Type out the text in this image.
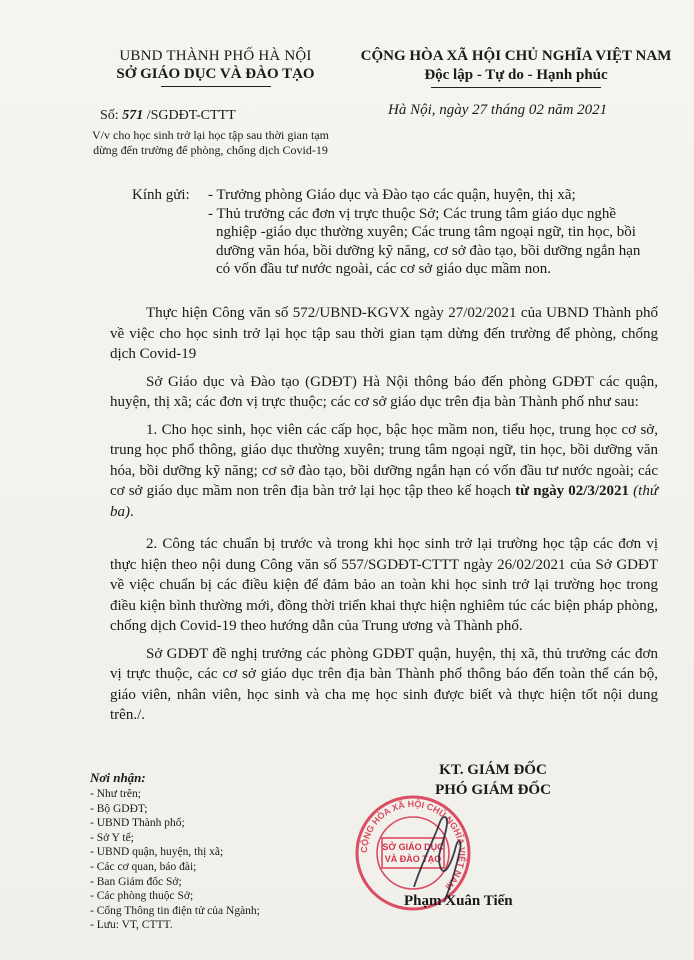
UBND THÀNH PHỐ HÀ NỘI
SỞ GIÁO DỤC VÀ ĐÀO TẠO
CỘNG HÒA XÃ HỘI CHỦ NGHĨA VIỆT NAM
Độc lập - Tự do - Hạnh phúc
Số: 571 /SGDĐT-CTTT	Hà Nội, ngày 27 tháng 02 năm 2021
V/v cho học sinh trở lại học tập sau thời gian tạm dừng đến trường để phòng, chống dịch Covid-19
Kính gửi: - Trưởng phòng Giáo dục và Đào tạo các quận, huyện, thị xã;

- Thủ trưởng các đơn vị trực thuộc Sở; Các trung tâm giáo dục nghề nghiệp -giáo dục thường xuyên; Các trung tâm ngoại ngữ, tin học, bồi dưỡng văn hóa, bồi dưỡng kỹ năng, cơ sở đào tạo, bồi dưỡng ngắn hạn có vốn đầu tư nước ngoài, các cơ sở giáo dục mầm non.

Thực hiện Công văn số 572/UBND-KGVX ngày 27/02/2021 của UBND Thành phố về việc cho học sinh trở lại học tập sau thời gian tạm dừng đến trường để phòng, chống dịch Covid-19

Sở Giáo dục và Đào tạo (GDĐT) Hà Nội thông báo đến phòng GDĐT các quận, huyện, thị xã; các đơn vị trực thuộc; các cơ sở giáo dục trên địa bàn Thành phố như sau:

1. Cho học sinh, học viên các cấp học, bậc học mầm non, tiểu học, trung học cơ sở, trung học phổ thông, giáo dục thường xuyên; trung tâm ngoại ngữ, tin học, bồi dưỡng văn hóa, bồi dưỡng kỹ năng; cơ sở đào tạo, bồi dưỡng ngắn hạn có vốn đầu tư nước ngoài; các cơ sở giáo dục mầm non trên địa bàn trở lại học tập theo kế hoạch từ ngày 02/3/2021 (thứ ba).

2. Công tác chuẩn bị trước và trong khi học sinh trở lại trường học tập các đơn vị thực hiện theo nội dung Công văn số 557/SGDĐT-CTTT ngày 26/02/2021 của Sở GDĐT về việc chuẩn bị các điều kiện để đảm bảo an toàn khi học sinh trở lại trường học trong điều kiện bình thường mới, đồng thời triển khai thực hiện nghiêm túc các biện pháp phòng, chống dịch Covid-19 theo hướng dẫn của Trung ương và Thành phố.

Sở GDĐT đề nghị trưởng các phòng GDĐT quận, huyện, thị xã, thủ trưởng các đơn vị trực thuộc, các cơ sở giáo dục trên địa bàn Thành phố thông báo đến toàn thể cán bộ, giáo viên, nhân viên, học sinh và cha mẹ học sinh được biết và thực hiện tốt nội dung trên./.

KT. GIÁM ĐỐC
PHÓ GIÁM ĐỐC
CỘNG HÒA XÃ HỘI CHỦ NGHĨA VIỆT NAM
SỞ GIÁO DỤC
VÀ ĐÀO TẠO
Phạm Xuân Tiến
Nơi nhận:
- Như trên;
- Bộ GDĐT;
- UBND Thành phố;
- Sở Y tế;
- UBND quận, huyện, thị xã;
- Các cơ quan, báo đài;
- Ban Giám đốc Sở;
- Các phòng thuộc Sở;
- Cổng Thông tin điện tử của Ngành;
- Lưu: VT, CTTT.
